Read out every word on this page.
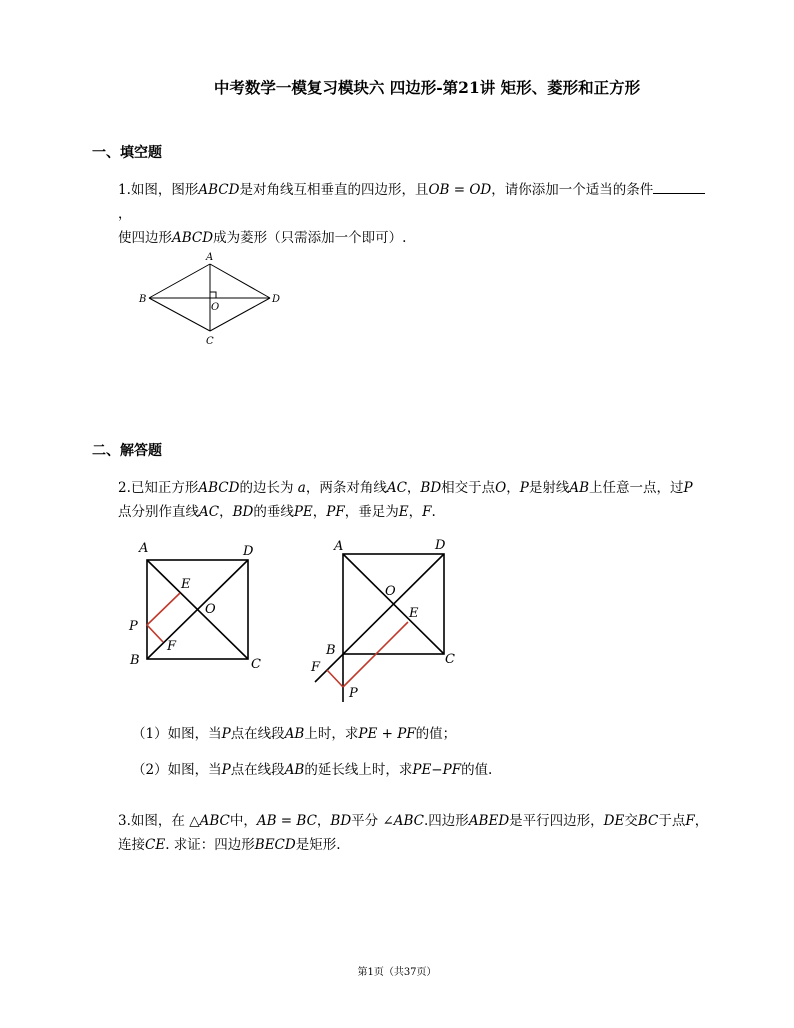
中考数学一模复习模块六 四边形-第21讲 矩形、菱形和正方形
一、填空题
1.如图，图形ABCD是对角线互相垂直的四边形，且OB = OD，请你添加一个适当的条件，
使四边形ABCD成为菱形（只需添加一个即可）.
A
B	D
C
O
二、解答题
2.已知正方形ABCD的边长为 a，两条对角线AC，BD相交于点O，P是射线AB上任意一点，过P
点分别作直线AC，BD的垂线PE，PF，垂足为E，F.
A	D
E
O
P
F
B	C
A	D
O
E
B
C
F
P
（1）如图，当P点在线段AB上时，求PE + PF的值；
（2）如图，当P点在线段AB的延长线上时，求PE−PF的值.
3.如图，在 △ABC中，AB = BC，BD平分 ∠ABC.四边形ABED是平行四边形，DE交BC于点F，
连接CE. 求证：四边形BECD是矩形.
第1页（共37页）
